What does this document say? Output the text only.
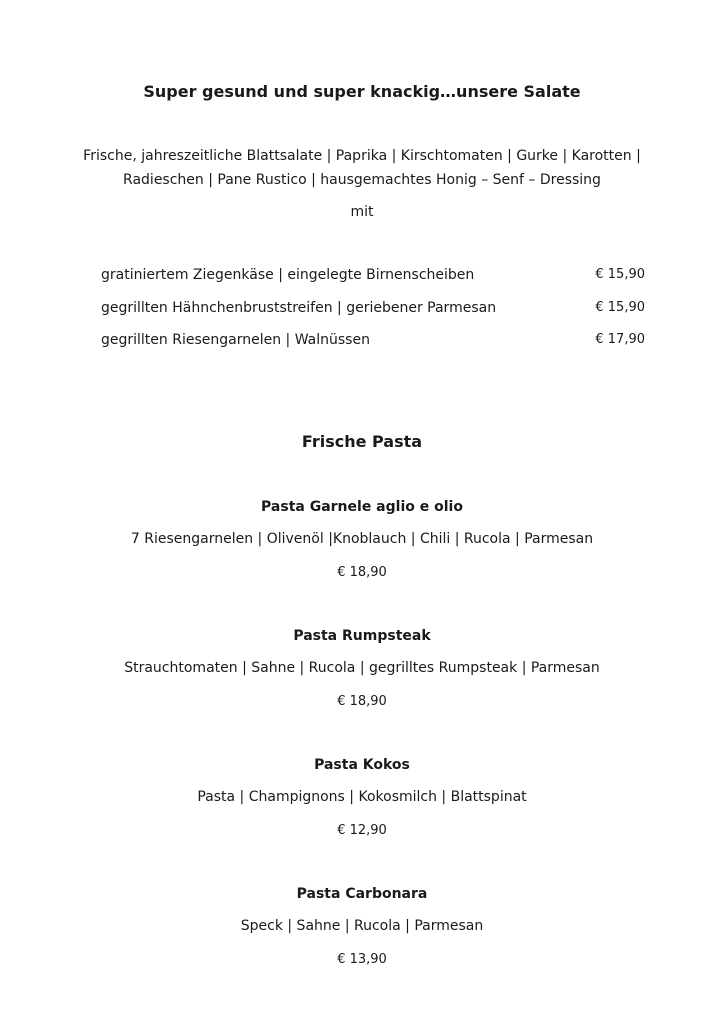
Super gesund und super knackig…unsere Salate
Frische, jahreszeitliche Blattsalate | Paprika | Kirschtomaten | Gurke | Karotten |
Radieschen | Pane Rustico | hausgemachtes Honig – Senf – Dressing
mit
gratiniertem Ziegenkäse | eingelegte Birnenscheiben	€ 15,90
gegrillten Hähnchenbruststreifen | geriebener Parmesan	€ 15,90
gegrillten Riesengarnelen | Walnüssen	€ 17,90
Frische Pasta
Pasta Garnele aglio e olio
7 Riesengarnelen | Olivenöl |Knoblauch | Chili | Rucola | Parmesan
€ 18,90
Pasta Rumpsteak
Strauchtomaten | Sahne | Rucola | gegrilltes Rumpsteak | Parmesan
€ 18,90
Pasta Kokos
Pasta | Champignons | Kokosmilch | Blattspinat
€ 12,90
Pasta Carbonara
Speck | Sahne | Rucola | Parmesan
€ 13,90
